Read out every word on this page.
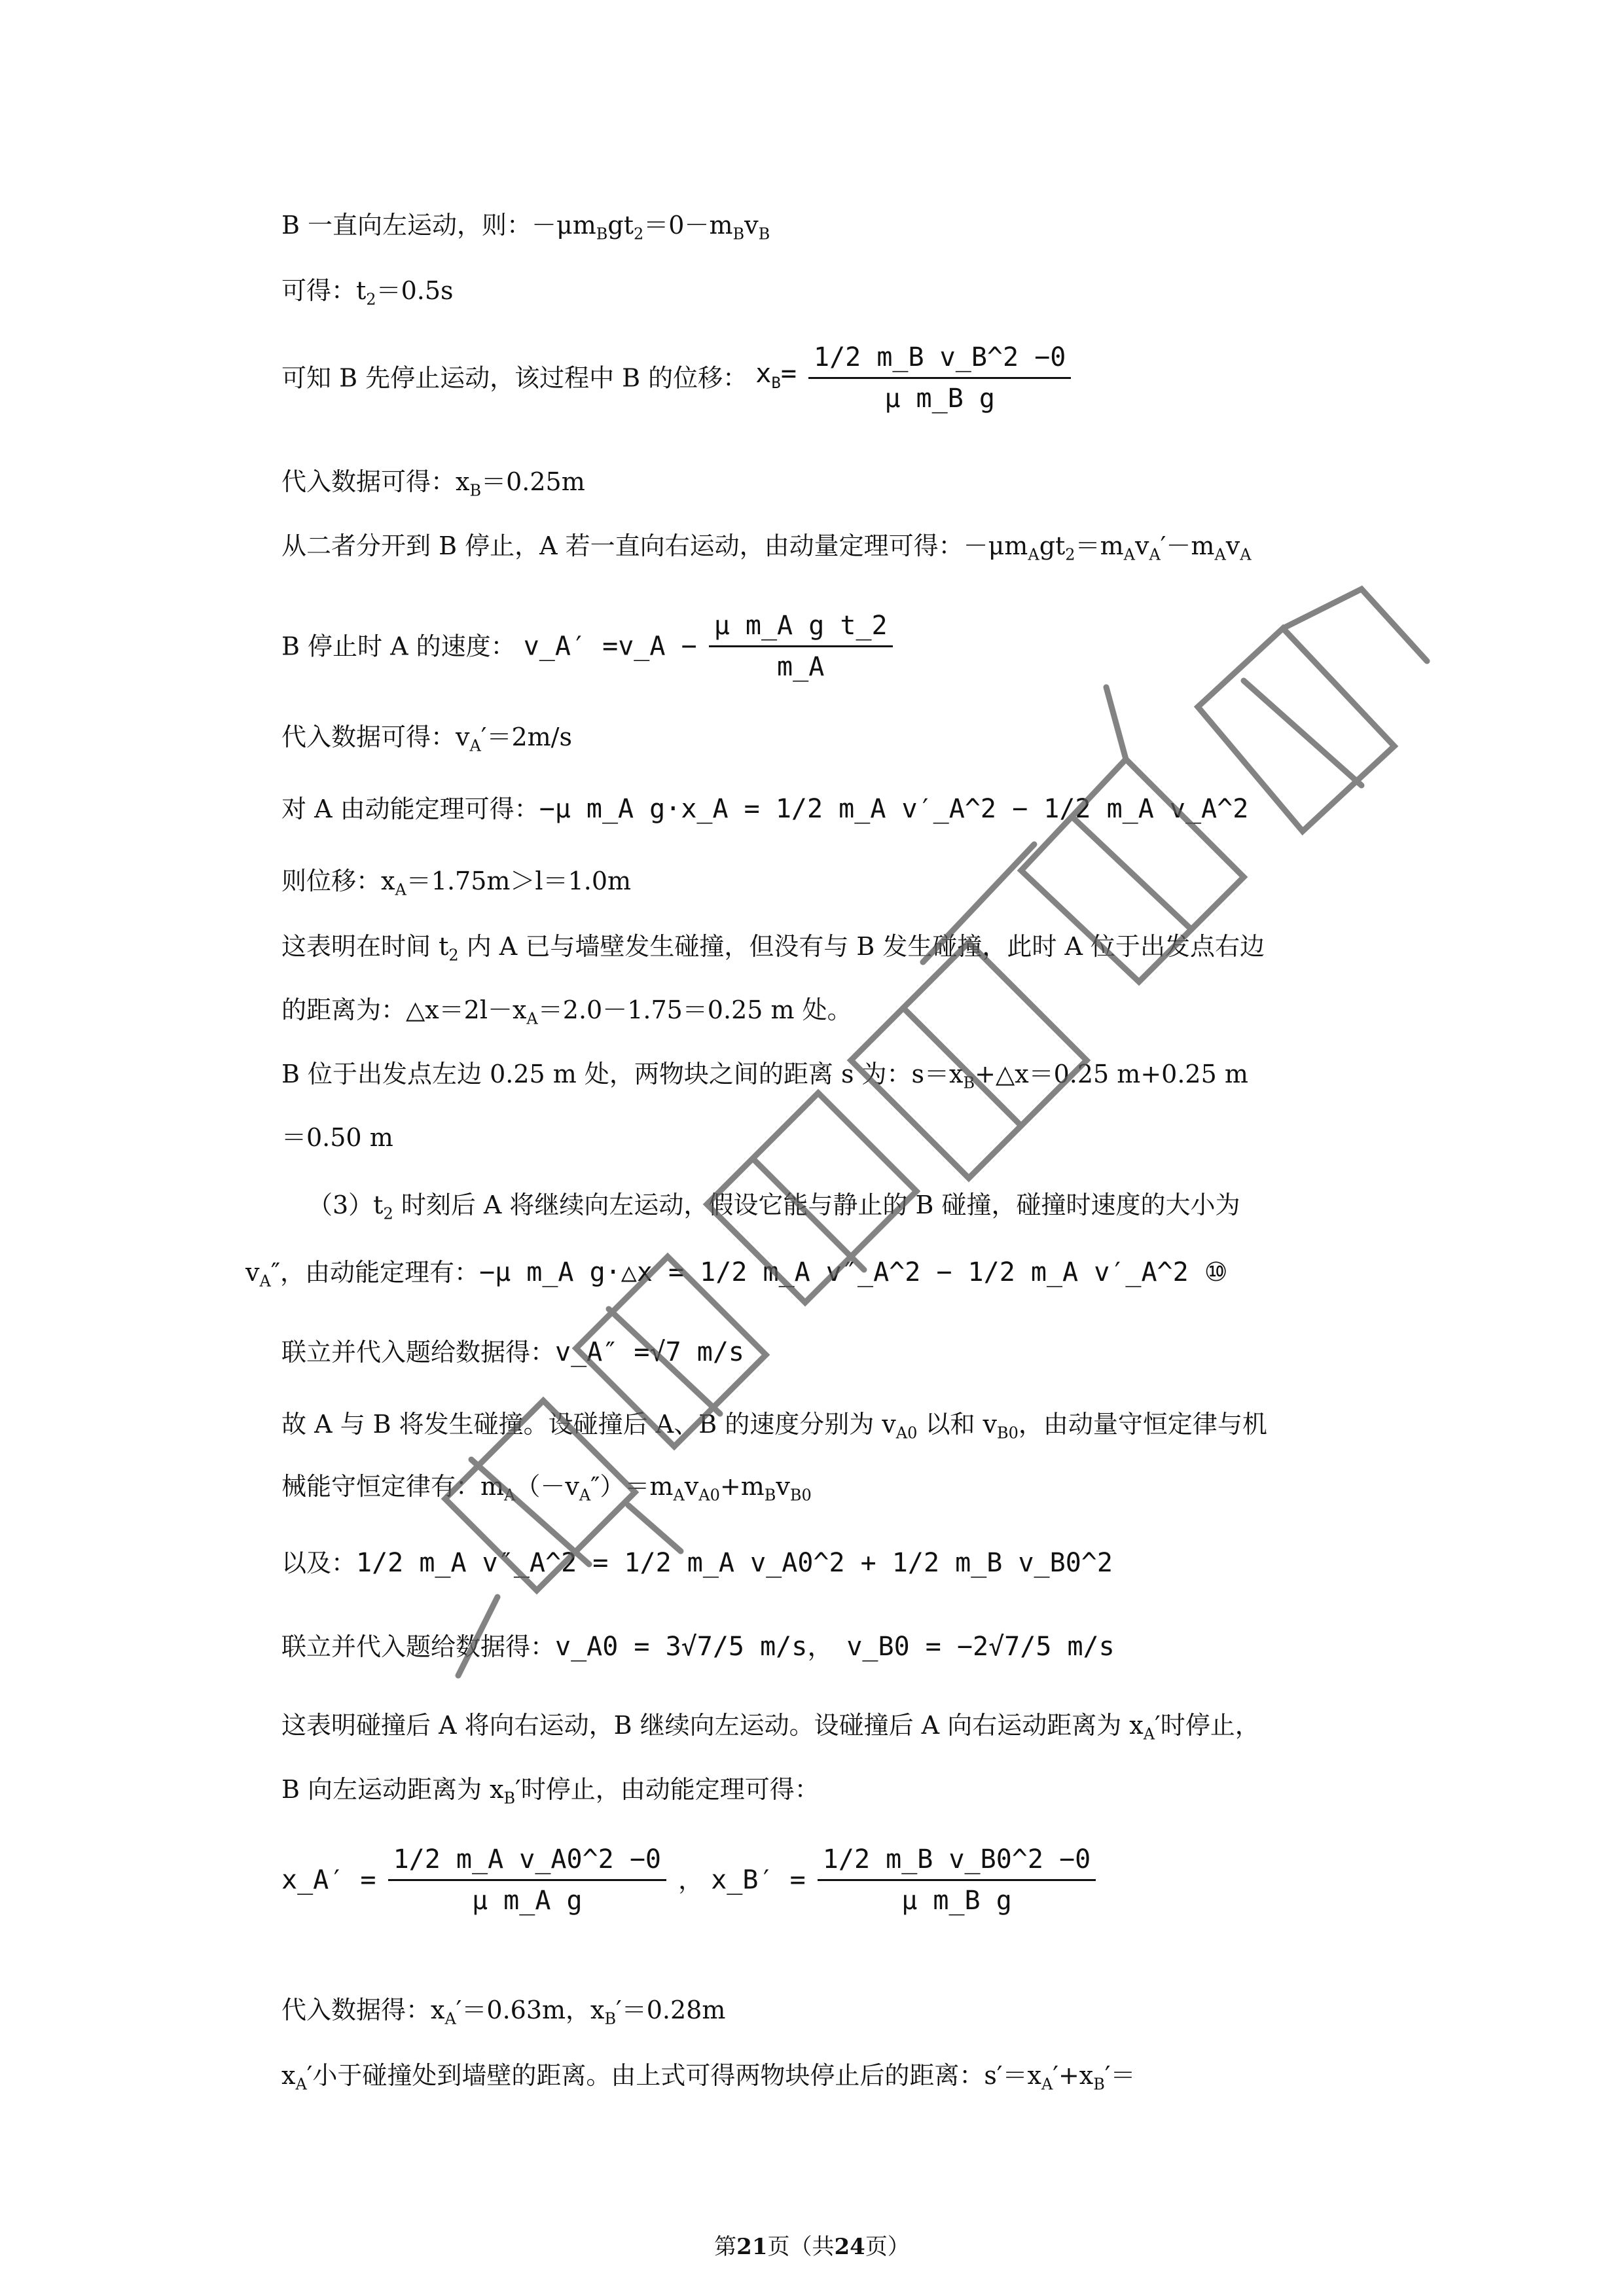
B 一直向左运动，则：$-\mu m_Bgt_2=0-m_Bv_B$
可得：$t_2=0.5s$
可知 B 先停止运动，该过程中 B 的位移： $x_B= \frac{\text{1/2 m\_B v\_B\textasciicircum{}2 −0}}{\text{μ m\_B g}}$
代入数据可得：$x_B=0.25m$
从二者分开到 B 停止，A 若一直向右运动，由动量定理可得：$-\mu m_Agt_2=m_Av_A'-m_Av_A$
B 停止时 A 的速度： v_A′ =v_A − $\frac{\text{μ m\_A g t\_2}}{m\_A}$
代入数据可得：$v_A'=2m/s$
对 A 由动能定理可得：−μ m_A g·x_A = 1/2 m_A v′_A^2 − 1/2 m_A v_A^2
则位移：$x_A=1.75m>l=1.0m$
这表明在时间 $t_2$ 内 A 已与墙壁发生碰撞，但没有与 B 发生碰撞，此时 A 位于出发点右边
的距离为：$\triangle x=2l-x_A=2.0-1.75=0.25$ m 处。
B 位于出发点左边 0.25 m 处，两物块之间的距离 s 为：$s=x_B+\triangle x=0.25$ m+0.25 m
＝0.50 m
$(3)t_2$ 时刻后 A 将继续向左运动，假设它能与静止的 B 碰撞，碰撞时速度的大小为
$v_A''$，由动能定理有：−μ m_A g·△x = 1/2 m_A v″_A^2 − 1/2 m_A v′_A^2 ⑩
联立并代入题给数据得：v_A″ =√7 m/s
故 A 与 B 将发生碰撞。设碰撞后 A、B 的速度分别为 $v_{A0}$ 以和 $v_{B0}$，由动量守恒定律与机
械能守恒定律有：$m_A(-v_A'')=m_Av_{A0}+m_Bv_{B0}$
以及：1/2 m_A v″_A^2 = 1/2 m_A v_A0^2 + 1/2 m_B v_B0^2
联立并代入题给数据得：v_A0 = 3√7/5 m/s， v_B0 = −2√7/5 m/s
这表明碰撞后 A 将向右运动，B 继续向左运动。设碰撞后 A 向右运动距离为 $x_A'$时停止，
B 向左运动距离为 $x_B'$时停止，由动能定理可得：
x_A′ = $\frac{\text{1/2 m\_A v\_A0\textasciicircum{}2 −0}}{\text{μ m\_A g}}$ ， x_B′ = $\frac{\text{1/2 m\_B v\_B0\textasciicircum{}2 −0}}{\text{μ m\_B g}}$
代入数据得：$x_A'=0.63m$，$x_B'=0.28m$
$x_A'$小于碰撞处到墙壁的距离。由上式可得两物块停止后的距离：$s'=x_A'+x_B'=$
第21页（共24页）
